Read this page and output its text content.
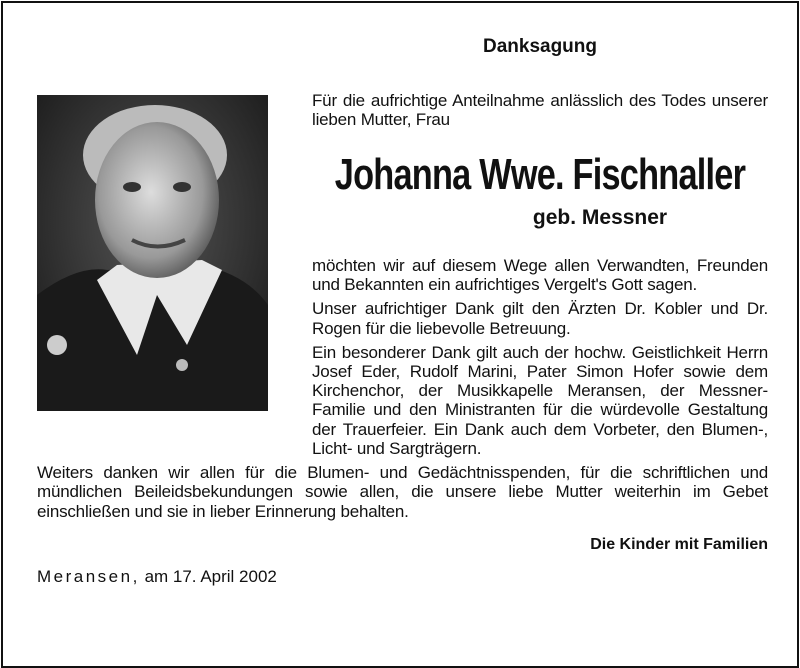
Danksagung

Für die aufrichtige Anteilnahme anlässlich des Todes unserer lieben Mutter, Frau

Johanna Wwe. Fischnaller
geb. Messner

möchten wir auf diesem Wege allen Verwandten, Freunden und Bekannten ein aufrichtiges Vergelt's Gott sagen.

Unser aufrichtiger Dank gilt den Ärzten Dr. Kobler und Dr. Rogen für die liebevolle Betreuung.

Ein besonderer Dank gilt auch der hochw. Geistlichkeit Herrn Josef Eder, Rudolf Marini, Pater Simon Hofer sowie dem Kirchenchor, der Musikkapelle Meransen, der Messner-Familie und den Ministranten für die würdevolle Gestaltung der Trauerfeier. Ein Dank auch dem Vorbeter, den Blumen-, Licht- und Sargträgern.

Weiters danken wir allen für die Blumen- und Gedächtnisspenden, für die schriftlichen und mündlichen Beileidsbekundungen sowie allen, die unsere liebe Mutter weiterhin im Gebet einschließen und sie in lieber Erinnerung behalten.
Die Kinder mit Familien
Meransen, am 17. April 2002
